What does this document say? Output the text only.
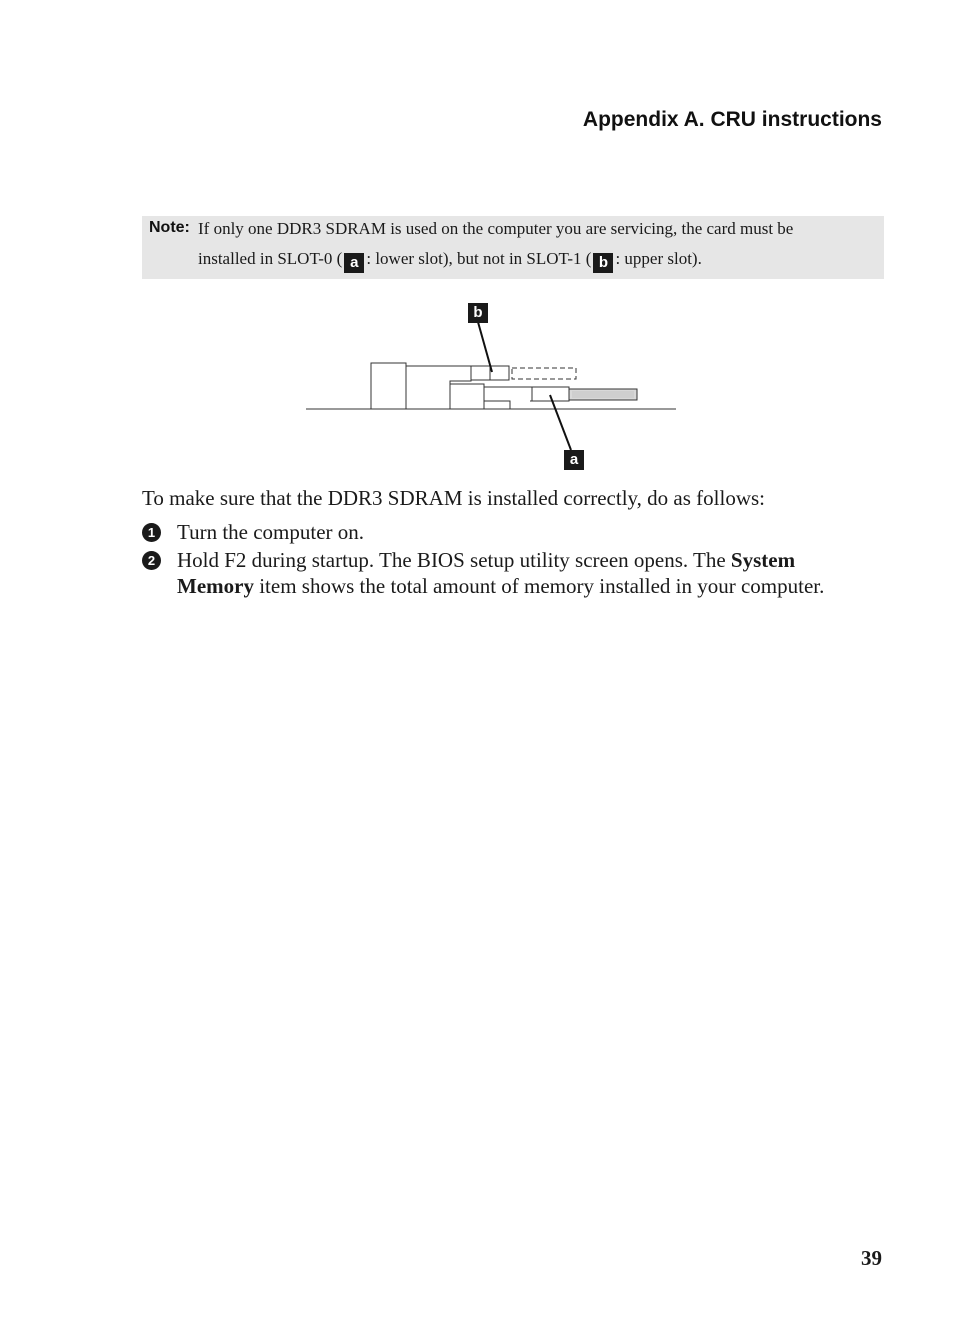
Appendix A. CRU instructions
Note: If only one DDR3 SDRAM is used on the computer you are servicing, the card must be
installed in SLOT-0 ( a : lower slot), but not in SLOT-1 ( b : upper slot).
b
a
To make sure that the DDR3 SDRAM is installed correctly, do as follows:
1 Turn the computer on.
2 Hold F2 during startup. The BIOS setup utility screen opens. The System Memory item shows the total amount of memory installed in your computer.
39
